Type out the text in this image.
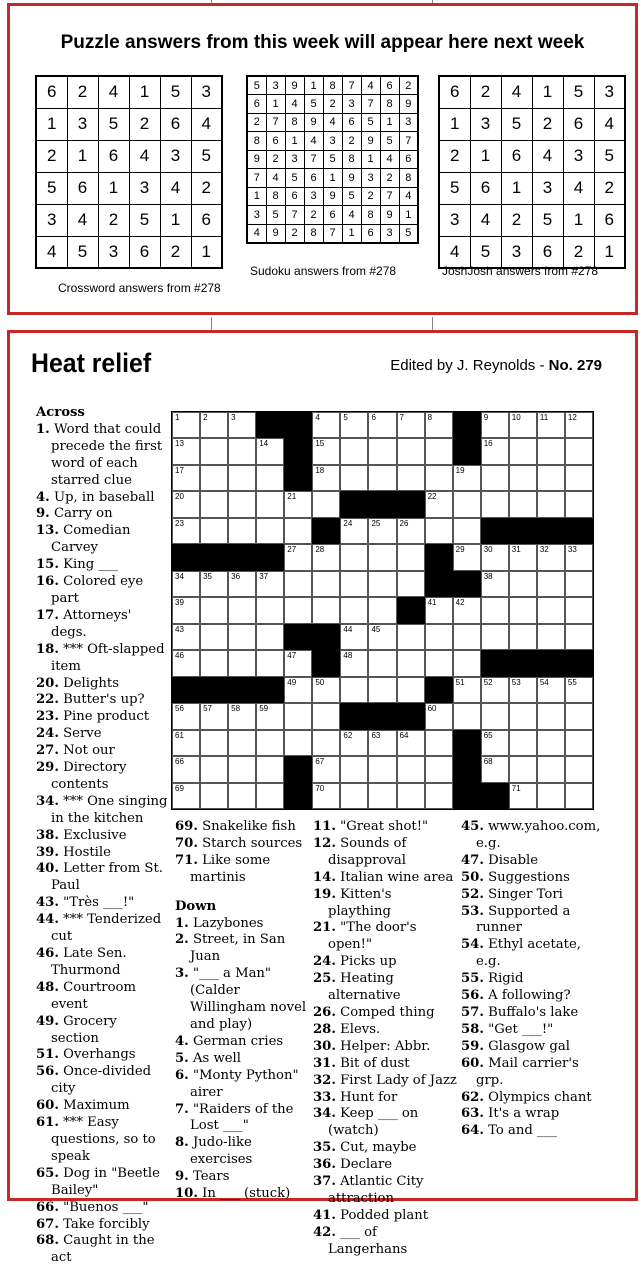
Puzzle answers from this week will appear here next week
6	2	4	1	5	3
1	3	5	2	6	4
2	1	6	4	3	5
5	6	1	3	4	2
3	4	2	5	1	6
4	5	3	6	2	1
Crossword answers from #278
5	3	9	1	8	7	4	6	2
6	1	4	5	2	3	7	8	9
2	7	8	9	4	6	5	1	3
8	6	1	4	3	2	9	5	7
9	2	3	7	5	8	1	4	6
7	4	5	6	1	9	3	2	8
1	8	6	3	9	5	2	7	4
3	5	7	2	6	4	8	9	1
4	9	2	8	7	1	6	3	5
Sudoku answers from #278
6	2	4	1	5	3
1	3	5	2	6	4
2	1	6	4	3	5
5	6	1	3	4	2
3	4	2	5	1	6
4	5	3	6	2	1
JoshJosh answers from #278
Heat relief	Edited by J. Reynolds - No. 279
1	2	3	4	5	6	7	8	9	10 11 12
13	14	15	16
17	18	19
20	21	22
23	24 25 26
27 28	29 30 31 32 33
34 35 36 37	38
39	41 42
43	44 45
46	47	48
49 50	51 52 53 54 55
56 57 58 59	60
61	62 63 64	65
66	67	68
69	70	71
Across
1. Word that could precede the first word of each starred clue
4. Up, in baseball
9. Carry on
13. Comedian Carvey
15. King ___
16. Colored eye part
17. Attorneys' degs.
18. *** Oft-slapped item
20. Delights
22. Butter's up?
23. Pine product
24. Serve
27. Not our
29. Directory contents
34. *** One singing in the kitchen
38. Exclusive
39. Hostile
40. Letter from St. Paul
43. "Très ___!"
44. *** Tenderized cut
46. Late Sen. Thurmond
48. Courtroom event
49. Grocery section
51. Overhangs
56. Once-divided city
60. Maximum
61. *** Easy questions, so to speak
65. Dog in "Beetle Bailey"
66. "Buenos ___"
67. Take forcibly
68. Caught in the act
69. Snakelike fish
70. Starch sources
71. Like some martinis
Down
1. Lazybones
2. Street, in San Juan
3. "___ a Man" (Calder Willingham novel and play)
4. German cries
5. As well
6. "Monty Python" airer
7. "Raiders of the Lost ___"
8. Judo-like exercises
9. Tears
10. In ___ (stuck)
11. "Great shot!"
12. Sounds of disapproval
14. Italian wine area
19. Kitten's plaything
21. "The door's open!"
24. Picks up
25. Heating alternative
26. Comped thing
28. Elevs.
30. Helper: Abbr.
31. Bit of dust
32. First Lady of Jazz
33. Hunt for
34. Keep ___ on (watch)
35. Cut, maybe
36. Declare
37. Atlantic City attraction
41. Podded plant
42. ___ of Langerhans
45. www.yahoo.com, e.g.
47. Disable
50. Suggestions
52. Singer Tori
53. Supported a runner
54. Ethyl acetate, e.g.
55. Rigid
56. A following?
57. Buffalo's lake
58. "Get ___!"
59. Glasgow gal
60. Mail carrier's grp.
62. Olympics chant
63. It's a wrap
64. To and ___
